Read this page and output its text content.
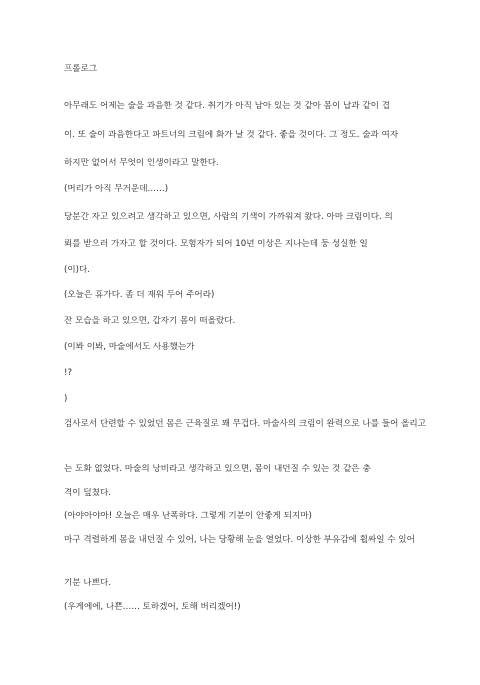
프롤로그
아무래도 어제는 술을 과음한 것 같다. 취기가 아직 남아 있는 것 같아 몸이 납과 같이 겹
이. 또 술이 과음한다고 파트너의 크림에 화가 날 것 같다. 좋을 것이다. 그 정도. 술과 여자
하지만 없어서 무엇이 인생이라고 말한다.
(머리가 아직 무거운데……)
당분간 자고 있으려고 생각하고 있으면, 사람의 기색이 가까워져 왔다. 아마 크림이다. 의
뢰를 받으러 가자고 할 것이다. 모험자가 되어 10년 이상은 지나는데 둥 성실한 일
(이)다.
(오늘은 휴가다. 좀 더 재워 두어 주어라)
잔 모습을 하고 있으면, 갑자기 몸이 떠올랐다.
(이봐 이봐, 마술에서도 사용했는가
!?
)
검사로서 단련할 수 있었던 몸은 근육질로 꽤 무겁다. 마술사의 크림이 완력으로 나를 들어 올리고
는 도화 없었다. 마술의 낭비라고 생각하고 있으면, 몸이 내던질 수 있는 것 같은 충
격이 덮쳤다.
(아야아야아! 오늘은 매우 난폭하다. 그렇게 기분이 안좋게 되지마)
마구 격렬하게 몸을 내던질 수 있어, 나는 당황해 눈을 열었다. 이상한 부유감에 휩싸일 수 있어
기분 나쁘다.
(우게에에, 나쁜…… 토하겠어, 토해 버리겠어!)
